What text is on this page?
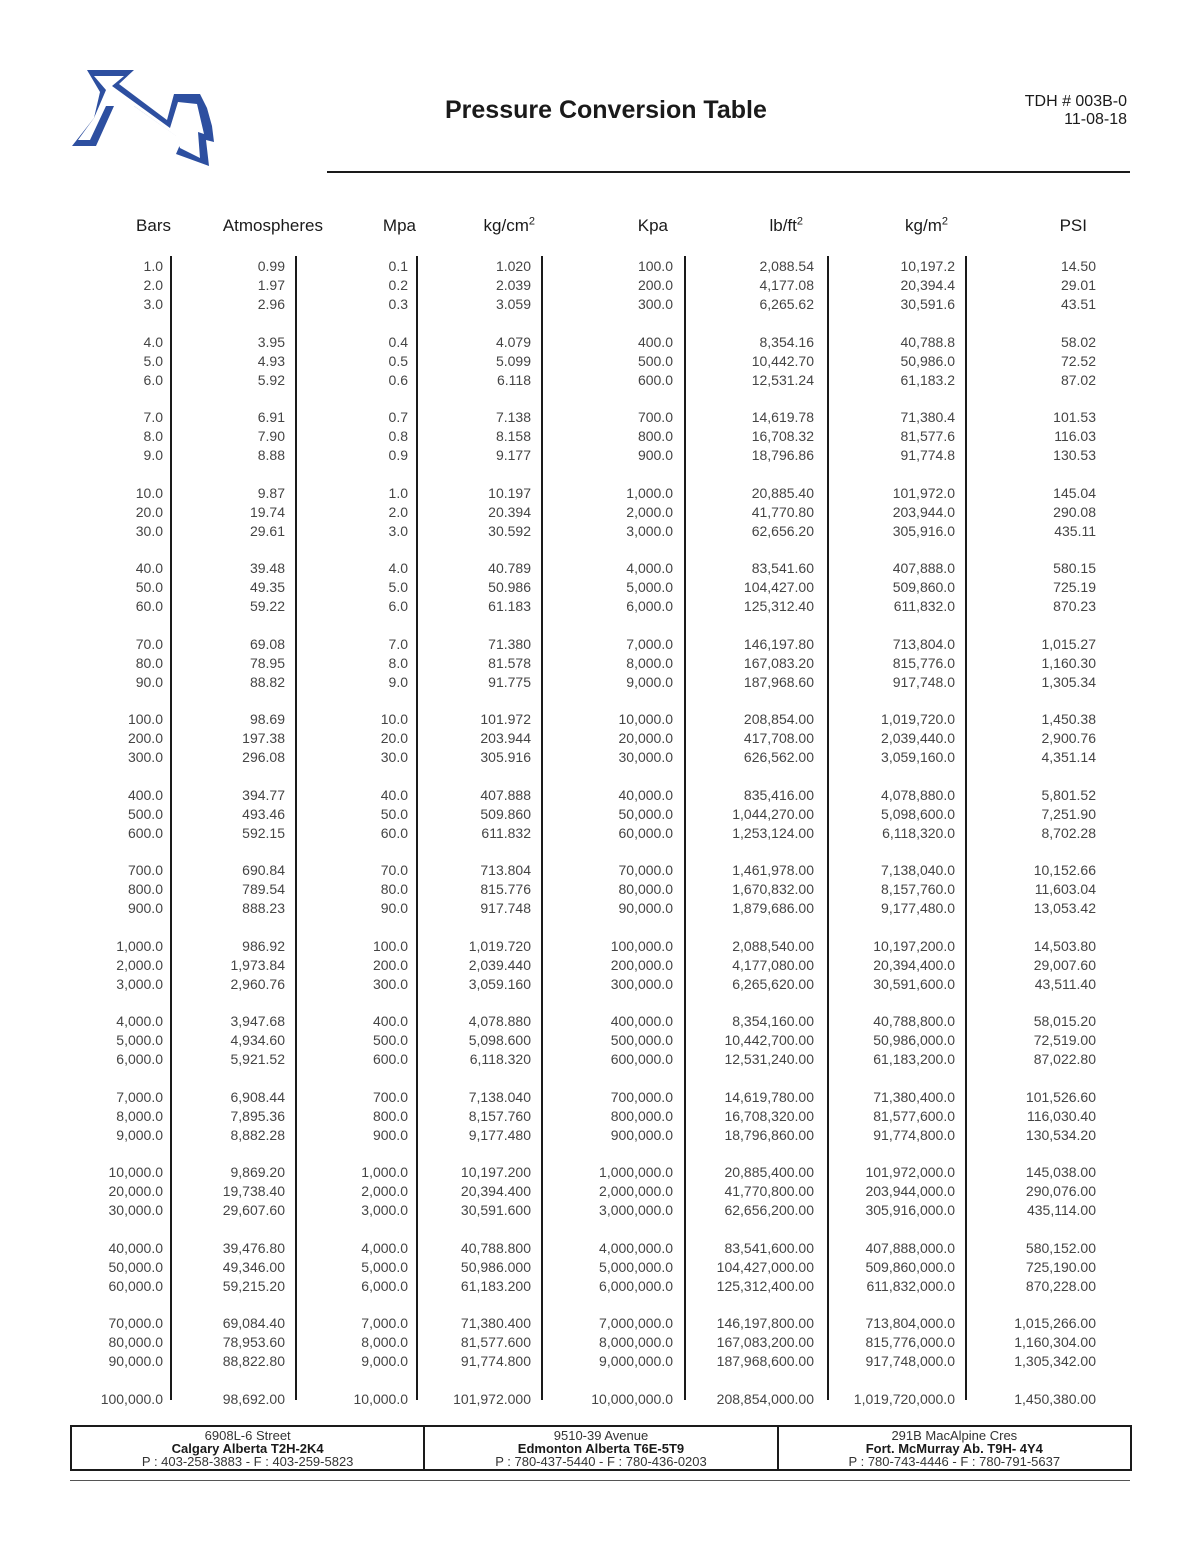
Pressure Conversion Table	TDH # 003B-0
11-08-18
Bars	Atmospheres	Mpa	$kg/cm^2$	Kpa	$lb/ft^2$	$kg/m^2$	PSI
1.0	0.99	0.1	1.020	100.0	2,088.54	10,197.2	14.50
2.0	1.97	0.2	2.039	200.0	4,177.08	20,394.4	29.01
3.0	2.96	0.3	3.059	300.0	6,265.62	30,591.6	43.51
4.0	3.95	0.4	4.079	400.0	8,354.16	40,788.8	58.02
5.0	4.93	0.5	5.099	500.0	10,442.70	50,986.0	72.52
6.0	5.92	0.6	6.118	600.0	12,531.24	61,183.2	87.02
7.0	6.91	0.7	7.138	700.0	14,619.78	71,380.4	101.53
8.0	7.90	0.8	8.158	800.0	16,708.32	81,577.6	116.03
9.0	8.88	0.9	9.177	900.0	18,796.86	91,774.8	130.53
10.0	9.87	1.0	10.197	1,000.0	20,885.40	101,972.0	145.04
20.0	19.74	2.0	20.394	2,000.0	41,770.80	203,944.0	290.08
30.0	29.61	3.0	30.592	3,000.0	62,656.20	305,916.0	435.11
40.0	39.48	4.0	40.789	4,000.0	83,541.60	407,888.0	580.15
50.0	49.35	5.0	50.986	5,000.0	104,427.00	509,860.0	725.19
60.0	59.22	6.0	61.183	6,000.0	125,312.40	611,832.0	870.23
70.0	69.08	7.0	71.380	7,000.0	146,197.80	713,804.0	1,015.27
80.0	78.95	8.0	81.578	8,000.0	167,083.20	815,776.0	1,160.30
90.0	88.82	9.0	91.775	9,000.0	187,968.60	917,748.0	1,305.34
100.0	98.69	10.0	101.972	10,000.0	208,854.00	1,019,720.0	1,450.38
200.0	197.38	20.0	203.944	20,000.0	417,708.00	2,039,440.0	2,900.76
300.0	296.08	30.0	305.916	30,000.0	626,562.00	3,059,160.0	4,351.14
400.0	394.77	40.0	407.888	40,000.0	835,416.00	4,078,880.0	5,801.52
500.0	493.46	50.0	509.860	50,000.0	1,044,270.00	5,098,600.0	7,251.90
600.0	592.15	60.0	611.832	60,000.0	1,253,124.00	6,118,320.0	8,702.28
700.0	690.84	70.0	713.804	70,000.0	1,461,978.00	7,138,040.0	10,152.66
800.0	789.54	80.0	815.776	80,000.0	1,670,832.00	8,157,760.0	11,603.04
900.0	888.23	90.0	917.748	90,000.0	1,879,686.00	9,177,480.0	13,053.42
1,000.0	986.92	100.0	1,019.720	100,000.0	2,088,540.00	10,197,200.0	14,503.80
2,000.0	1,973.84	200.0	2,039.440	200,000.0	4,177,080.00	20,394,400.0	29,007.60
3,000.0	2,960.76	300.0	3,059.160	300,000.0	6,265,620.00	30,591,600.0	43,511.40
4,000.0	3,947.68	400.0	4,078.880	400,000.0	8,354,160.00	40,788,800.0	58,015.20
5,000.0	4,934.60	500.0	5,098.600	500,000.0	10,442,700.00	50,986,000.0	72,519.00
6,000.0	5,921.52	600.0	6,118.320	600,000.0	12,531,240.00	61,183,200.0	87,022.80
7,000.0	6,908.44	700.0	7,138.040	700,000.0	14,619,780.00	71,380,400.0	101,526.60
8,000.0	7,895.36	800.0	8,157.760	800,000.0	16,708,320.00	81,577,600.0	116,030.40
9,000.0	8,882.28	900.0	9,177.480	900,000.0	18,796,860.00	91,774,800.0	130,534.20
10,000.0	9,869.20	1,000.0	10,197.200	1,000,000.0	20,885,400.00	101,972,000.0	145,038.00
20,000.0	19,738.40	2,000.0	20,394.400	2,000,000.0	41,770,800.00	203,944,000.0	290,076.00
30,000.0	29,607.60	3,000.0	30,591.600	3,000,000.0	62,656,200.00	305,916,000.0	435,114.00
40,000.0	39,476.80	4,000.0	40,788.800	4,000,000.0	83,541,600.00	407,888,000.0	580,152.00
50,000.0	49,346.00	5,000.0	50,986.000	5,000,000.0	104,427,000.00	509,860,000.0	725,190.00
60,000.0	59,215.20	6,000.0	61,183.200	6,000,000.0	125,312,400.00	611,832,000.0	870,228.00
70,000.0	69,084.40	7,000.0	71,380.400	7,000,000.0	146,197,800.00	713,804,000.0	1,015,266.00
80,000.0	78,953.60	8,000.0	81,577.600	8,000,000.0	167,083,200.00	815,776,000.0	1,160,304.00
90,000.0	88,822.80	9,000.0	91,774.800	9,000,000.0	187,968,600.00	917,748,000.0	1,305,342.00
100,000.0	98,692.00	10,000.0	101,972.000	10,000,000.0	208,854,000.00	1,019,720,000.0	1,450,380.00
6908L-6 Street
Calgary Alberta T2H-2K4
P : 403-258-3883 - F : 403-259-5823
9510-39 Avenue
Edmonton Alberta T6E-5T9
P : 780-437-5440 - F : 780-436-0203
291B MacAlpine Cres
Fort. McMurray Ab. T9H- 4Y4
P : 780-743-4446 - F : 780-791-5637
